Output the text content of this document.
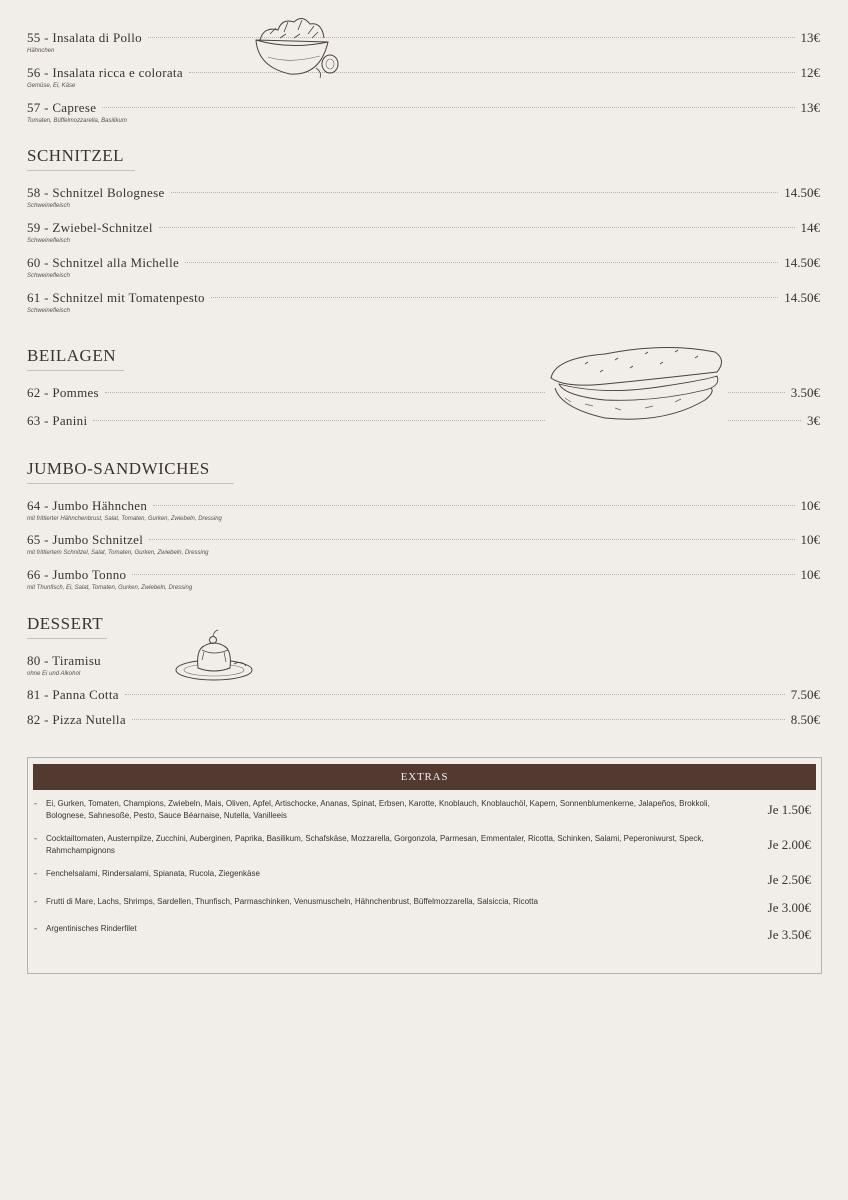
55 - Insalata di Pollo	13€
Hähnchen
56 - Insalata ricca e colorata	12€
Gemüse, Ei, Käse
57 - Caprese	13€
Tomaten, Büffelmozzarella, Basilikum
SCHNITZEL
58 - Schnitzel Bolognese	14.50€
Schweinefleisch
59 - Zwiebel-Schnitzel	14€
Schweinefleisch
60 - Schnitzel alla Michelle	14.50€
Schweinefleisch
61 - Schnitzel mit Tomatenpesto	14.50€
Schweinefleisch
BEILAGEN
62 - Pommes	3.50€
63 - Panini	3€
JUMBO-SANDWICHES
64 - Jumbo Hähnchen	10€
mit frittierter Hähnchenbrust, Salat, Tomaten, Gurken, Zwiebeln, Dressing
65 - Jumbo Schnitzel	10€
mit frittiertem Schnitzel, Salat, Tomaten, Gurken, Zwiebeln, Dressing
66 - Jumbo Tonno	10€
mit Thunfisch, Ei, Salat, Tomaten, Gurken, Zwiebeln, Dressing
DESSERT
80 - Tiramisu
ohne Ei und Alkohol
81 - Panna Cotta	7.50€
82 - Pizza Nutella	8.50€
EXTRAS
-	Ei, Gurken, Tomaten, Champions, Zwiebeln, Mais, Oliven, Apfel, Artischocke, Ananas, Spinat, Erbsen, Karotte, Knoblauch, Knoblauchöl, Kapern, Sonnenblumenkerne, Jalapeños, Brokkoli, Bolognese, Sahnesoße, Pesto, Sauce Béarnaise, Nutella, Vanilleeis	Je 1.50€
-	Cocktailtomaten, Austernpilze, Zucchini, Auberginen, Paprika, Basilikum, Schafskäse, Mozzarella, Gorgonzola, Parmesan, Emmentaler, Ricotta, Schinken, Salami, Peperoniwurst, Speck, Rahmchampignons	Je 2.00€
-	Fenchelsalami, Rindersalami, Spianata, Rucola, Ziegenkäse	Je 2.50€
-	Frutti di Mare, Lachs, Shrimps, Sardellen, Thunfisch, Parmaschinken, Venusmuscheln, Hähnchenbrust, Büffelmozzarella, Salsiccia, Ricotta	Je 3.00€
-	Argentinisches Rinderfilet	Je 3.50€
